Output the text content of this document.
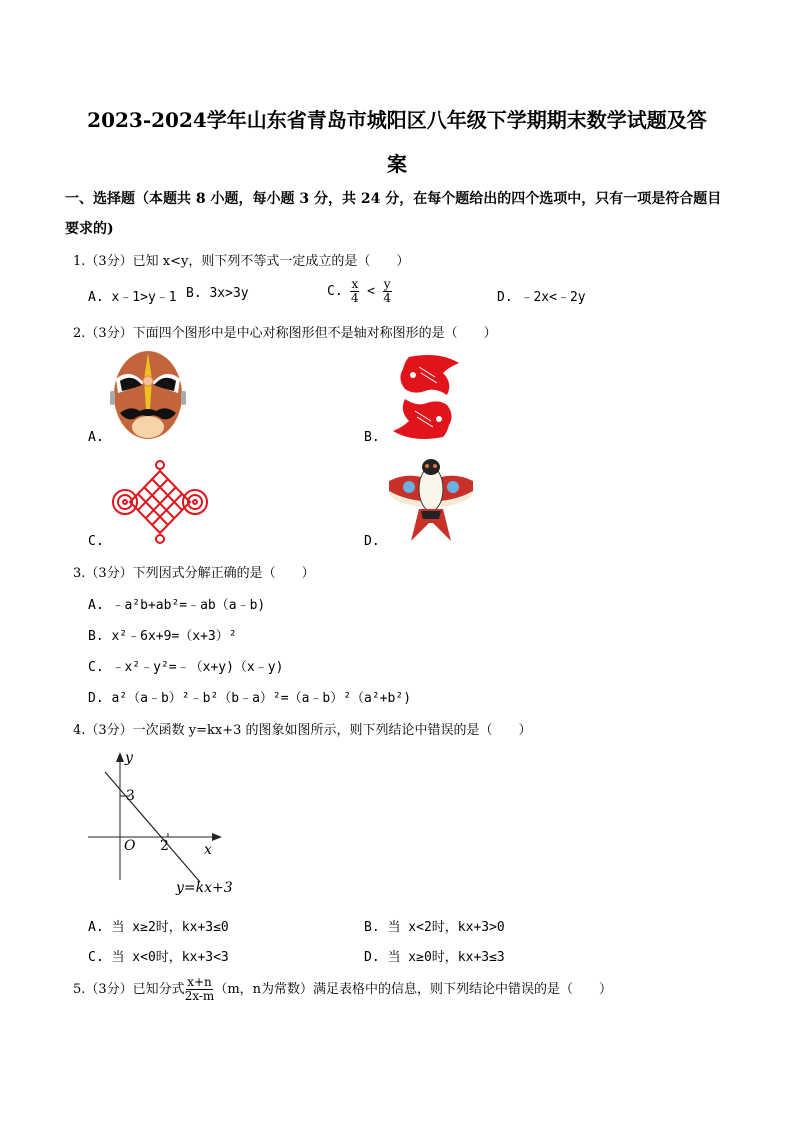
2023-2024学年山东省青岛市城阳区八年级下学期期末数学试题及答
案
一、选择题（本题共 8 小题，每小题 3 分，共 24 分，在每个题给出的四个选项中，只有一项是符合题目
要求的)
1.（3分）已知 x<y，则下列不等式一定成立的是（　　）
A. x﹣1>y﹣1 B. 3x>3y	C. $\frac{x}{4} < \frac{y}{4}$	D. ﹣2x<﹣2y
2.（3分）下面四个图形中是中心对称图形但不是轴对称图形的是（　　）
A.	B.
C.	D.
3.（3分）下列因式分解正确的是（　　）
A. ﹣a²b+ab²=﹣ab（a﹣b)
B. x²﹣6x+9=（x+3）²
C. ﹣x²﹣y²=﹣（x+y)（x﹣y)
D. a²（a﹣b）²﹣b²（b﹣a）²=（a﹣b）²（a²+b²)
4.（3分）一次函数 y=kx+3 的图象如图所示，则下列结论中错误的是（　　）
y
x
O
3
2
y=kx+3
A. 当 x≥2时，kx+3≤0	B. 当 x<2时，kx+3>0
C. 当 x<0时，kx+3<3	D. 当 x≥0时，kx+3≤3
5.（3分）已知分式 $\frac{x+n}{2x-m} (m$，n为常数）满足表格中的信息，则下列结论中错误的是（　　）
